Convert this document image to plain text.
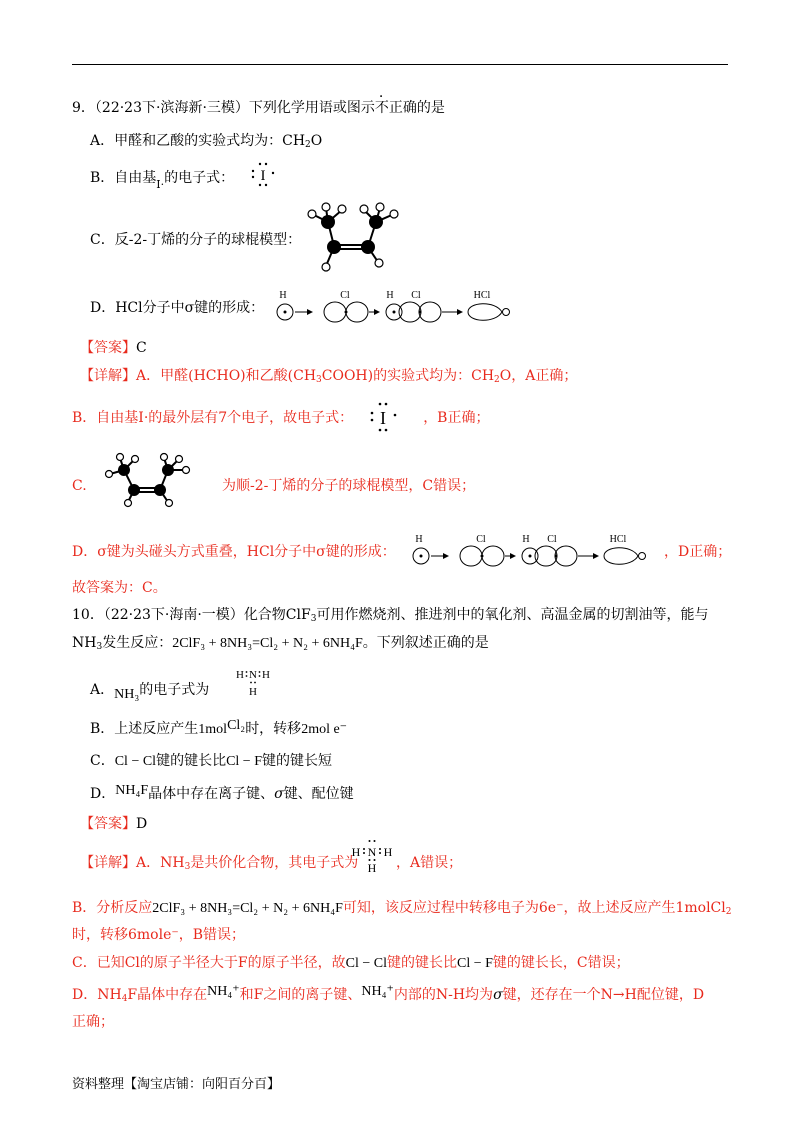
9．（22·23下·滨海新·三模）下列化学用语或图示不正确的是
A．甲醛和乙酸的实验式均为：$CH_2O$
B．自由基$_{I\cdot}$的电子式： I
C．反-2-丁烯的分子的球棍模型：
D．HCl分子中σ键的形成：
H	Cl	H Cl	HCl
【答案】C
【详解】A．甲醛(HCHO)和乙酸$(CH_3COOH)$的实验式均为：$CH_2O$，A正确；
B．自由基I·的最外层有7个电子，故电子式：	，B正确；
I
C.	为顺-2-丁烯的分子的球棍模型，C错误；
D．σ键为头碰头方式重叠，HCl分子中σ键的形成：	，D正确；
H	Cl	H Cl	HCl
故答案为：C。
10．（22·23下·海南·一模）化合物ClF$_3$可用作燃烧剂、推进剂中的氧化剂、高温金属的切割油等，能与
$NH_3$发生反应：2ClF₃ + 8NH₃=Cl₂ + N₂ + 6NH₄F。下列叙述正确的是
A．NH₃的电子式为
H N H
H
B．上述反应产生1molCl₂时，转移2mol e⁻
C．Cl − Cl键的键长比Cl − F键的键长短
D．NH₄F晶体中存在离子键、σ键、配位键
【答案】D
【详解】A．$NH_3$是共价化合物，其电子式为	，A错误；
H N H
H
B．分析反应2ClF₃ + 8NH₃=Cl₂ + N₂ + 6NH₄F可知，该反应过程中转移电子为6e⁻，故上述反应产生1molCl$_2$
时，转移6mole⁻，B错误；
C．已知Cl的原子半径大于F的原子半径，故Cl − Cl键的键长比Cl − F键的键长长，C错误；
D．$NH_4F$晶体中存在NH₄⁺和F之间的离子键、NH₄⁺内部的N-H均为σ键，还存在一个N→H配位键，D
正确；
资料整理【淘宝店铺：向阳百分百】
